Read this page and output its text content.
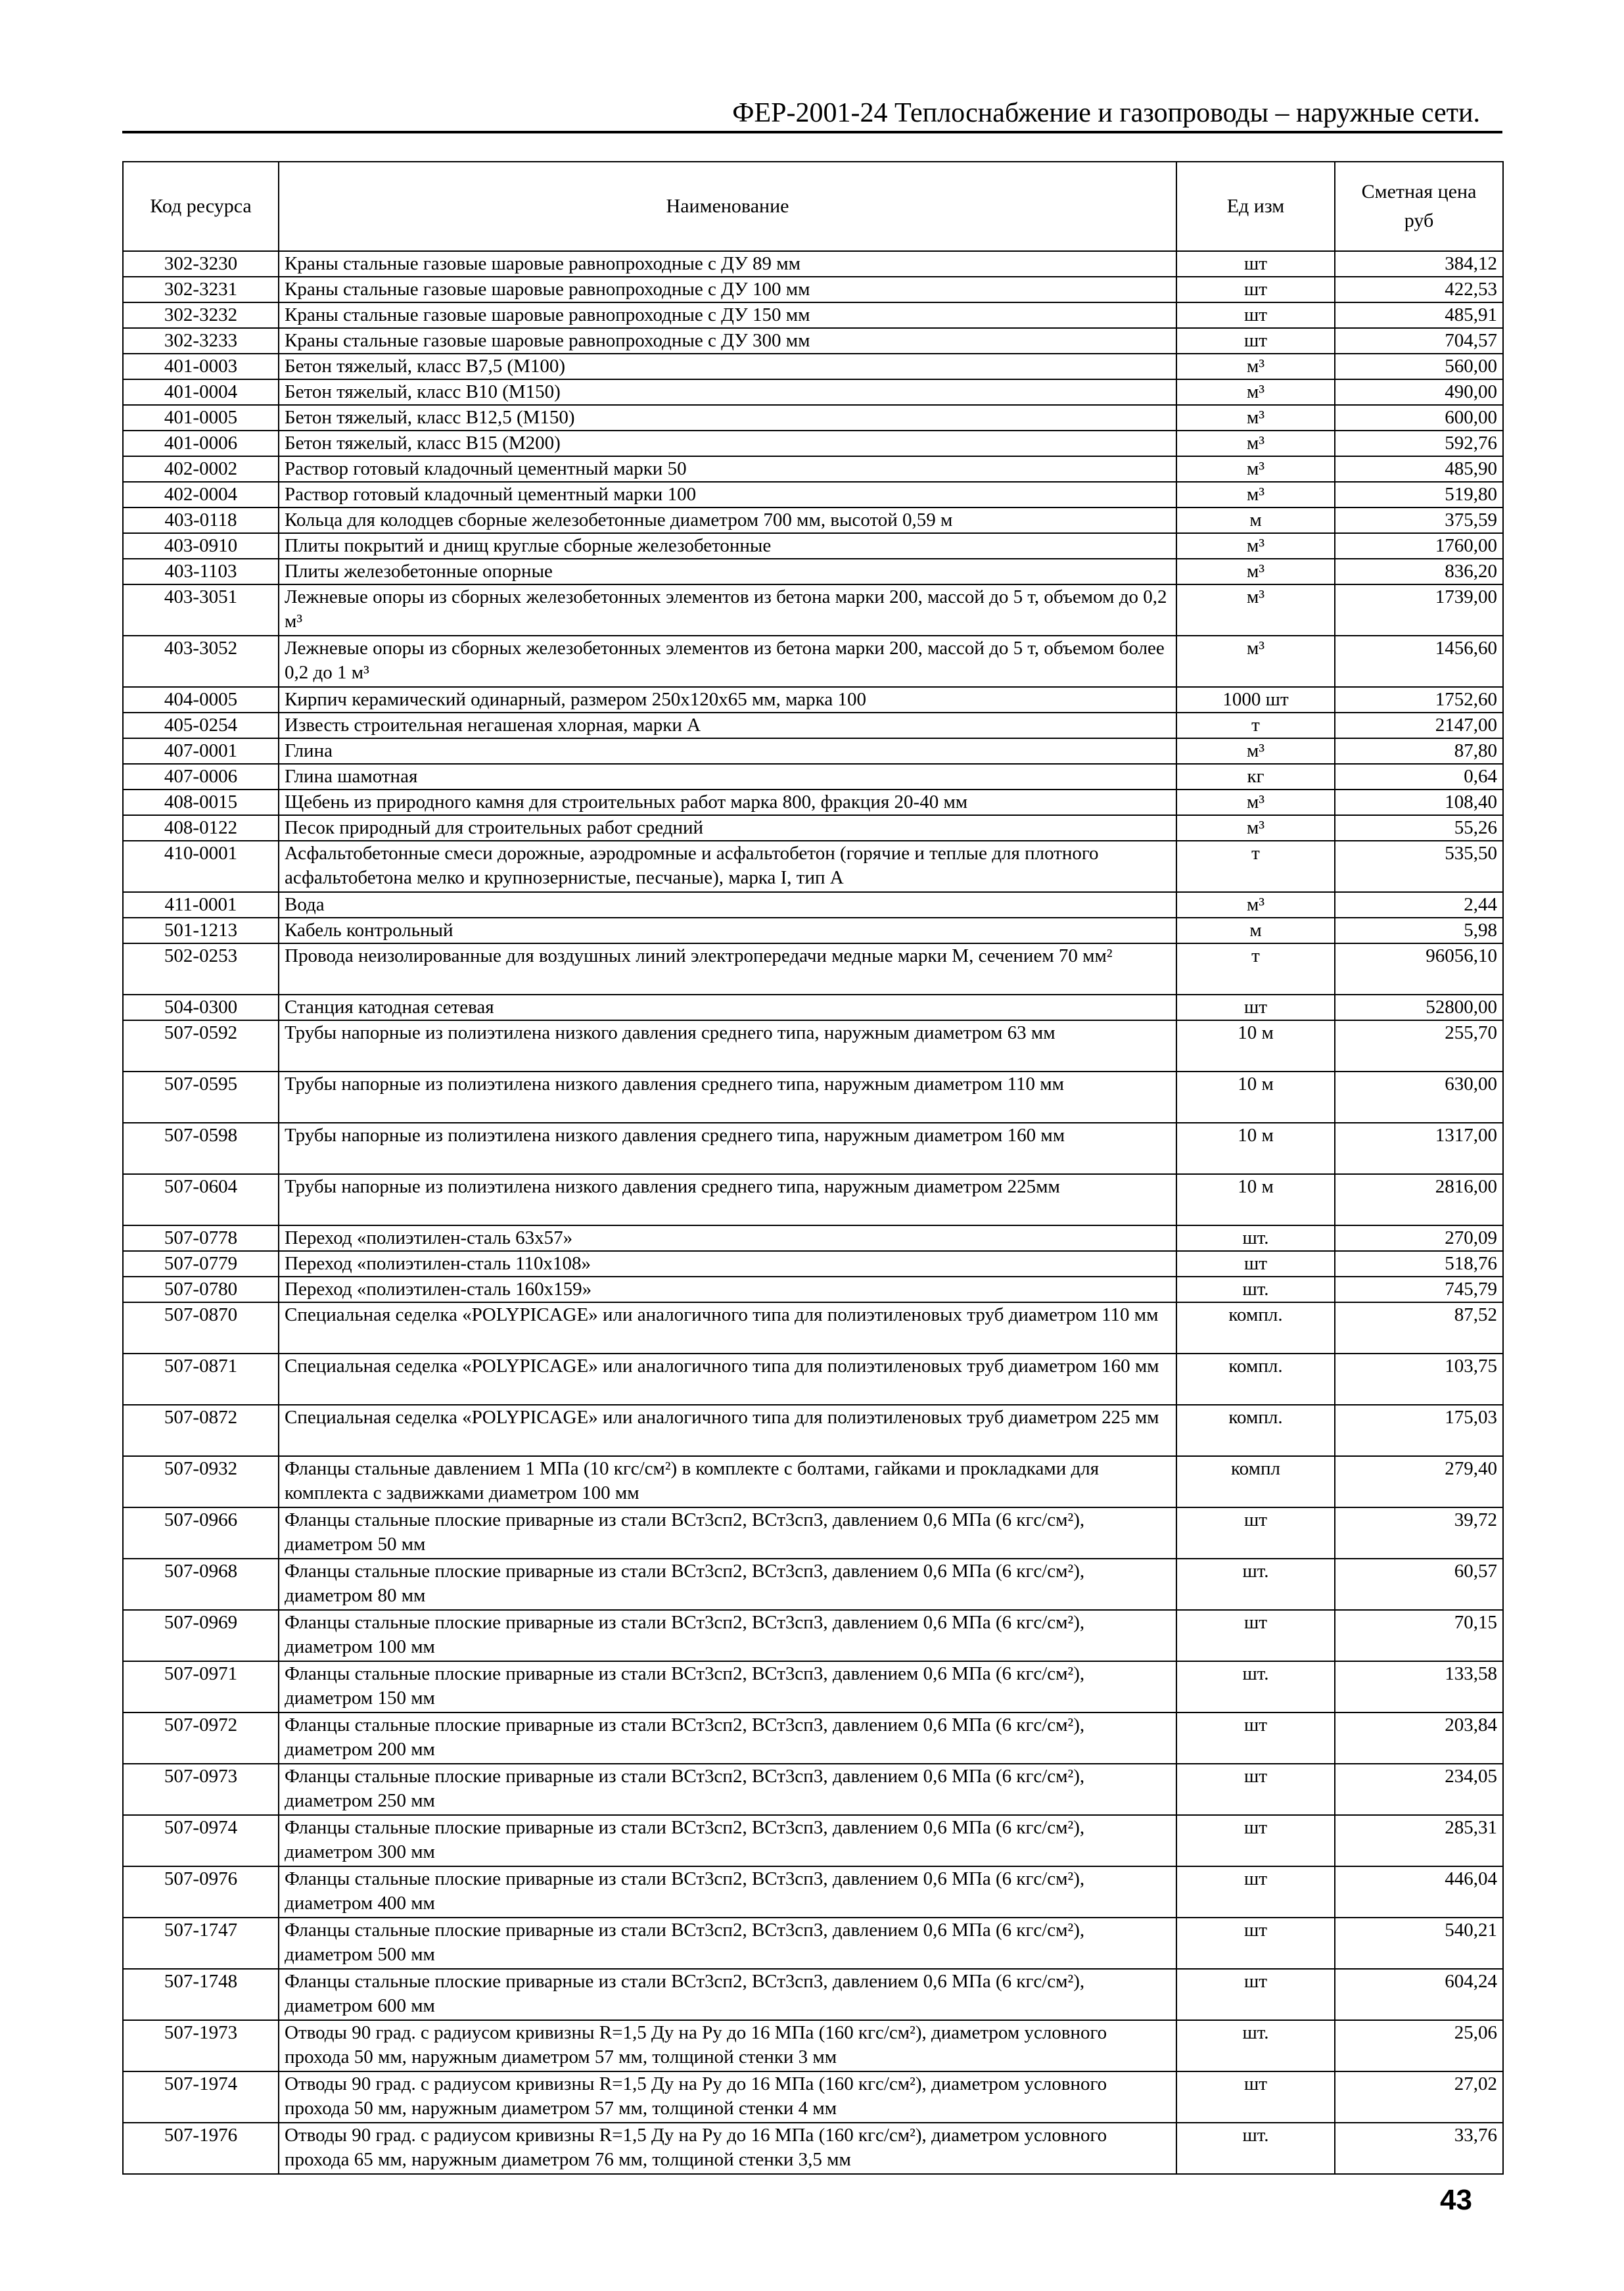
ФЕР-2001-24 Теплоснабжение и газопроводы – наружные сети.
Код ресурса	Наименование	Ед изм	Сметная цена руб
302-3230	Краны стальные газовые шаровые равнопроходные с ДУ 89 мм	шт	384,12
302-3231	Краны стальные газовые шаровые равнопроходные с ДУ 100 мм	шт	422,53
302-3232	Краны стальные газовые шаровые равнопроходные с ДУ 150 мм	шт	485,91
302-3233	Краны стальные газовые шаровые равнопроходные с ДУ 300 мм	шт	704,57
401-0003	Бетон тяжелый, класс В7,5 (М100)	м³	560,00
401-0004	Бетон тяжелый, класс В10 (М150)	м³	490,00
401-0005	Бетон тяжелый, класс В12,5 (М150)	м³	600,00
401-0006	Бетон тяжелый, класс В15 (М200)	м³	592,76
402-0002	Раствор готовый кладочный цементный марки 50	м³	485,90
402-0004	Раствор готовый кладочный цементный марки 100	м³	519,80
403-0118	Кольца для колодцев сборные железобетонные диаметром 700 мм, высотой 0,59 м	м	375,59
403-0910	Плиты покрытий и днищ круглые сборные железобетонные	м³	1760,00
403-1103	Плиты железобетонные опорные	м³	836,20
403-3051	Лежневые опоры из сборных железобетонных элементов из бетона марки 200, массой до 5 т, объемом до 0,2 м³	м³	1739,00
403-3052	Лежневые опоры из сборных железобетонных элементов из бетона марки 200, массой до 5 т, объемом более 0,2 до 1 м³	м³	1456,60
404-0005	Кирпич керамический одинарный, размером 250х120х65 мм, марка 100	1000 шт	1752,60
405-0254	Известь строительная негашеная хлорная, марки А	т	2147,00
407-0001	Глина	м³	87,80
407-0006	Глина шамотная	кг	0,64
408-0015	Щебень из природного камня для строительных работ марка 800, фракция 20-40 мм	м³	108,40
408-0122	Песок природный для строительных работ средний	м³	55,26
410-0001	Асфальтобетонные смеси дорожные, аэродромные и асфальтобетон (горячие и теплые для плотного асфальтобетона мелко и крупнозернистые, песчаные), марка I, тип А	т	535,50
411-0001	Вода	м³	2,44
501-1213	Кабель контрольный	м	5,98
502-0253	Провода неизолированные для воздушных линий электропередачи медные марки М, сечением 70 мм²	т	96056,10
504-0300	Станция катодная сетевая	шт	52800,00
507-0592	Трубы напорные из полиэтилена низкого давления среднего типа, наружным диаметром 63 мм	10 м	255,70
507-0595	Трубы напорные из полиэтилена низкого давления среднего типа, наружным диаметром 110 мм	10 м	630,00
507-0598	Трубы напорные из полиэтилена низкого давления среднего типа, наружным диаметром 160 мм	10 м	1317,00
507-0604	Трубы напорные из полиэтилена низкого давления среднего типа, наружным диаметром 225мм	10 м	2816,00
507-0778	Переход «полиэтилен-сталь 63х57»	шт.	270,09
507-0779	Переход «полиэтилен-сталь 110х108»	шт	518,76
507-0780	Переход «полиэтилен-сталь 160х159»	шт.	745,79
507-0870	Специальная седелка «POLYPICAGE» или аналогичного типа для полиэтиленовых труб диаметром 110 мм	компл.	87,52
507-0871	Специальная седелка «POLYPICAGE» или аналогичного типа для полиэтиленовых труб диаметром 160 мм	компл.	103,75
507-0872	Специальная седелка «POLYPICAGE» или аналогичного типа для полиэтиленовых труб диаметром 225 мм	компл.	175,03
507-0932	Фланцы стальные давлением 1 МПа (10 кгс/см²) в комплекте с болтами, гайками и прокладками для комплекта с задвижками диаметром 100 мм	компл	279,40
507-0966	Фланцы стальные плоские приварные из стали ВСт3сп2, ВСт3сп3, давлением 0,6 МПа (6 кгс/см²), диаметром 50 мм	шт	39,72
507-0968	Фланцы стальные плоские приварные из стали ВСт3сп2, ВСт3сп3, давлением 0,6 МПа (6 кгс/см²), диаметром 80 мм	шт.	60,57
507-0969	Фланцы стальные плоские приварные из стали ВСт3сп2, ВСт3сп3, давлением 0,6 МПа (6 кгс/см²), диаметром 100 мм	шт	70,15
507-0971	Фланцы стальные плоские приварные из стали ВСт3сп2, ВСт3сп3, давлением 0,6 МПа (6 кгс/см²), диаметром 150 мм	шт.	133,58
507-0972	Фланцы стальные плоские приварные из стали ВСт3сп2, ВСт3сп3, давлением 0,6 МПа (6 кгс/см²), диаметром 200 мм	шт	203,84
507-0973	Фланцы стальные плоские приварные из стали ВСт3сп2, ВСт3сп3, давлением 0,6 МПа (6 кгс/см²), диаметром 250 мм	шт	234,05
507-0974	Фланцы стальные плоские приварные из стали ВСт3сп2, ВСт3сп3, давлением 0,6 МПа (6 кгс/см²), диаметром 300 мм	шт	285,31
507-0976	Фланцы стальные плоские приварные из стали ВСт3сп2, ВСт3сп3, давлением 0,6 МПа (6 кгс/см²), диаметром 400 мм	шт	446,04
507-1747	Фланцы стальные плоские приварные из стали ВСт3сп2, ВСт3сп3, давлением 0,6 МПа (6 кгс/см²), диаметром 500 мм	шт	540,21
507-1748	Фланцы стальные плоские приварные из стали ВСт3сп2, ВСт3сп3, давлением 0,6 МПа (6 кгс/см²), диаметром 600 мм	шт	604,24
507-1973	Отводы 90 град. с радиусом кривизны R=1,5 Ду на Ру до 16 МПа (160 кгс/см²), диаметром условного прохода 50 мм, наружным диаметром 57 мм, толщиной стенки 3 мм	шт.	25,06
507-1974	Отводы 90 град. с радиусом кривизны R=1,5 Ду на Ру до 16 МПа (160 кгс/см²), диаметром условного прохода 50 мм, наружным диаметром 57 мм, толщиной стенки 4 мм	шт	27,02
507-1976	Отводы 90 град. с радиусом кривизны R=1,5 Ду на Ру до 16 МПа (160 кгс/см²), диаметром условного прохода 65 мм, наружным диаметром 76 мм, толщиной стенки 3,5 мм	шт.	33,76
43
